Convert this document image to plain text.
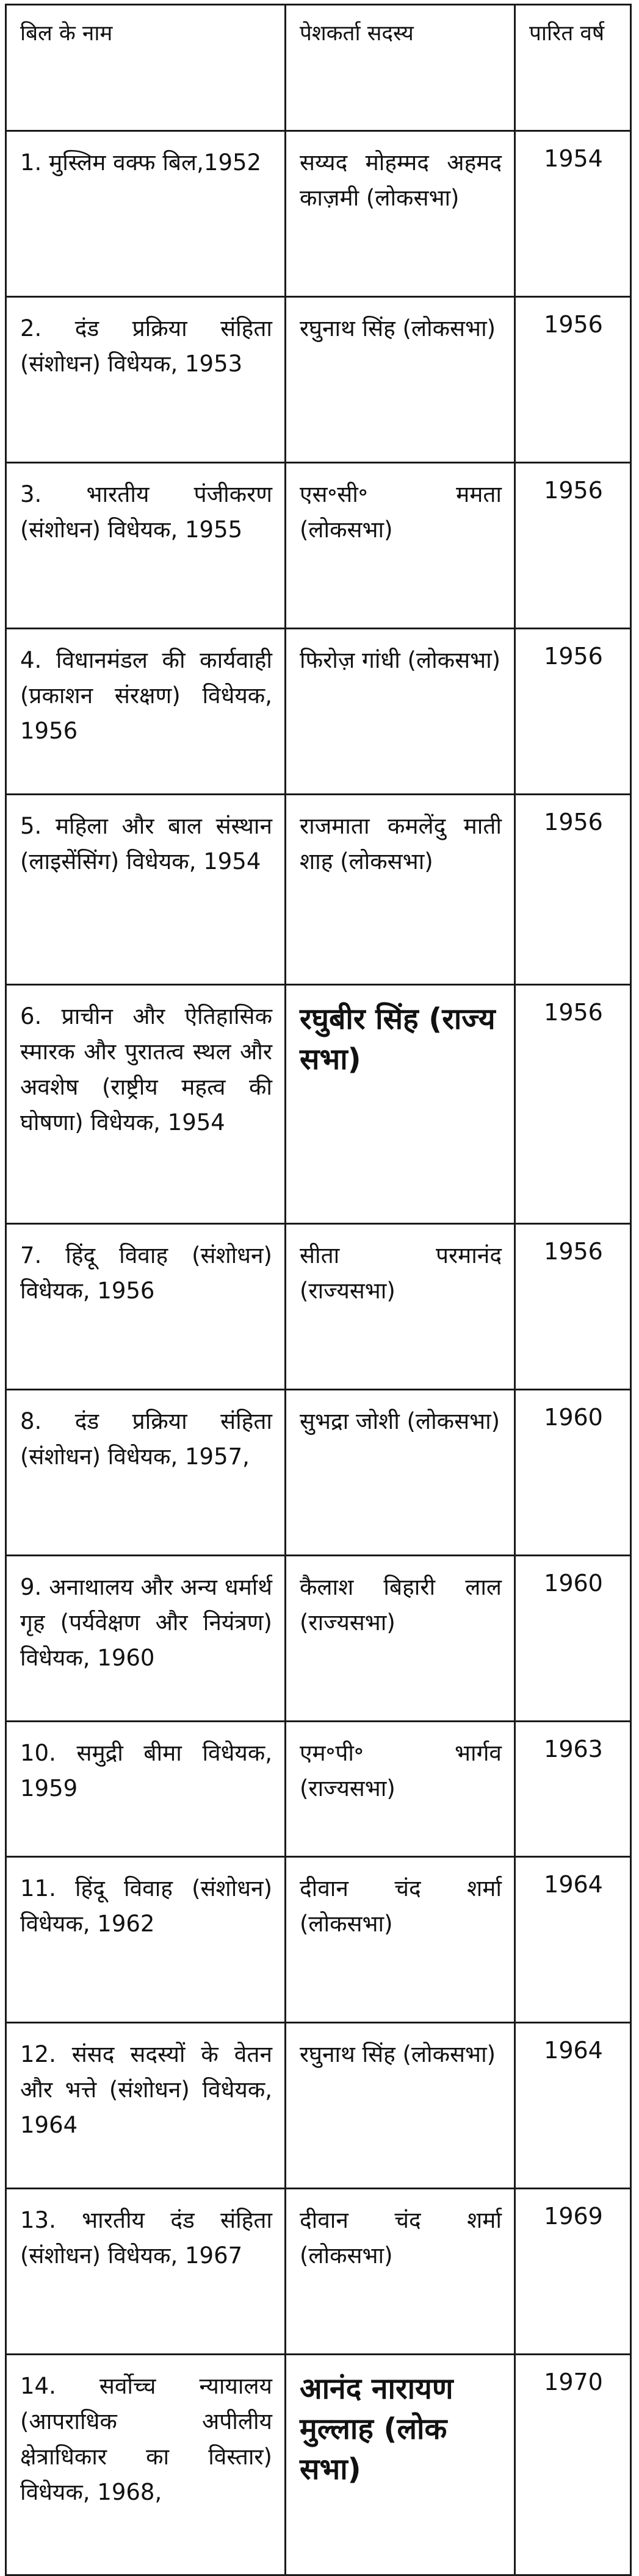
बिल के नाम	पेशकर्ता सदस्य	पारित वर्ष
1. मुस्लिम वक्फ बिल,1952	सय्यद मोहम्मद अहमद काज़मी (लोकसभा)	1954
2. दंड प्रक्रिया संहिता (संशोधन) विधेयक, 1953	रघुनाथ सिंह (लोकसभा)	1956
3. भारतीय पंजीकरण (संशोधन) विधेयक, 1955	एस॰सी॰ ममता (लोकसभा)	1956
4. विधानमंडल की कार्यवाही (प्रकाशन संरक्षण) विधेयक, 1956	फिरोज़ गांधी (लोकसभा)	1956
5. महिला और बाल संस्थान (लाइसेंसिंग) विधेयक, 1954	राजमाता कमलेंदु माती शाह (लोकसभा)	1956
6. प्राचीन और ऐतिहासिक स्मारक और पुरातत्व स्थल और अवशेष (राष्ट्रीय महत्व की घोषणा) विधेयक, 1954	रघुबीर सिंह (राज्य सभा)	1956
7. हिंदू विवाह (संशोधन) विधेयक, 1956	सीता परमानंद (राज्यसभा)	1956
8. दंड प्रक्रिया संहिता (संशोधन) विधेयक, 1957,	सुभद्रा जोशी (लोकसभा)	1960
9. अनाथालय और अन्य धर्मार्थ गृह (पर्यवेक्षण और नियंत्रण) विधेयक, 1960	कैलाश बिहारी लाल (राज्यसभा)	1960
10. समुद्री बीमा विधेयक, 1959	एम॰पी॰ भार्गव (राज्यसभा)	1963
11. हिंदू विवाह (संशोधन) विधेयक, 1962	दीवान चंद शर्मा (लोकसभा)	1964
12. संसद सदस्यों के वेतन और भत्ते (संशोधन) विधेयक, 1964	रघुनाथ सिंह (लोकसभा)	1964
13. भारतीय दंड संहिता (संशोधन) विधेयक, 1967	दीवान चंद शर्मा (लोकसभा)	1969
14. सर्वोच्च न्यायालय (आपराधिक अपीलीय क्षेत्राधिकार का विस्तार) विधेयक, 1968,	आनंद नारायण मुल्लाह (लोक सभा)	1970
